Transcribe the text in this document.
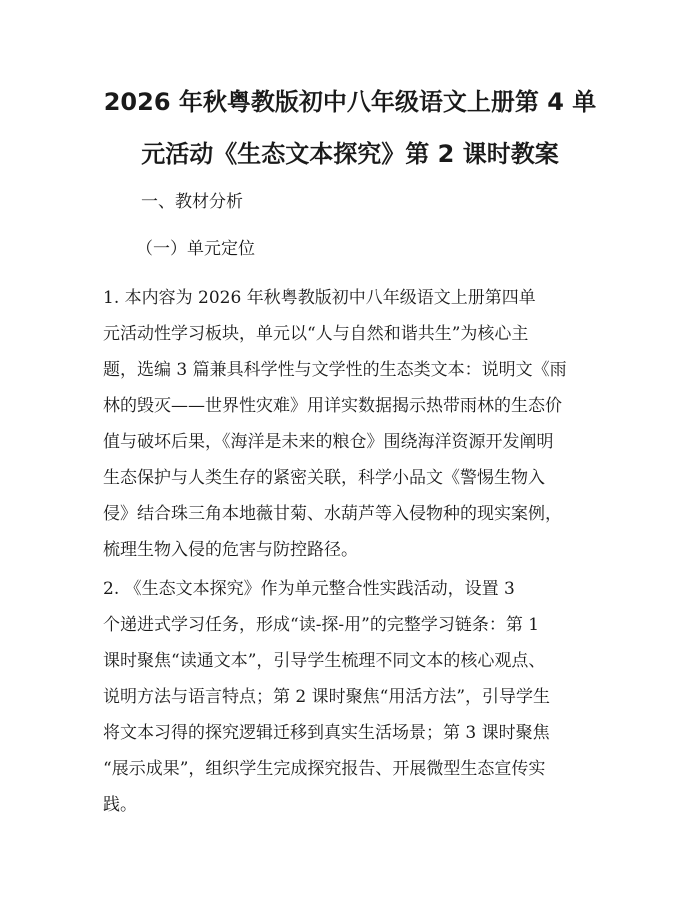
2026 年秋粤教版初中八年级语文上册第 4 单
元活动《生态文本探究》第 2 课时教案
一、教材分析
（一）单元定位
1. 本内容为 2026 年秋粤教版初中八年级语文上册第四单
元活动性学习板块，单元以“人与自然和谐共生”为核心主
题，选编 3 篇兼具科学性与文学性的生态类文本：说明文《雨
林的毁灭——世界性灾难》用详实数据揭示热带雨林的生态价
值与破坏后果，《海洋是未来的粮仓》围绕海洋资源开发阐明
生态保护与人类生存的紧密关联，科学小品文《警惕生物入
侵》结合珠三角本地薇甘菊、水葫芦等入侵物种的现实案例，
梳理生物入侵的危害与防控路径。
2. 《生态文本探究》作为单元整合性实践活动，设置 3
个递进式学习任务，形成“读-探-用”的完整学习链条：第 1
课时聚焦“读通文本”，引导学生梳理不同文本的核心观点、
说明方法与语言特点；第 2 课时聚焦“用活方法”，引导学生
将文本习得的探究逻辑迁移到真实生活场景；第 3 课时聚焦
“展示成果”，组织学生完成探究报告、开展微型生态宣传实
践。
